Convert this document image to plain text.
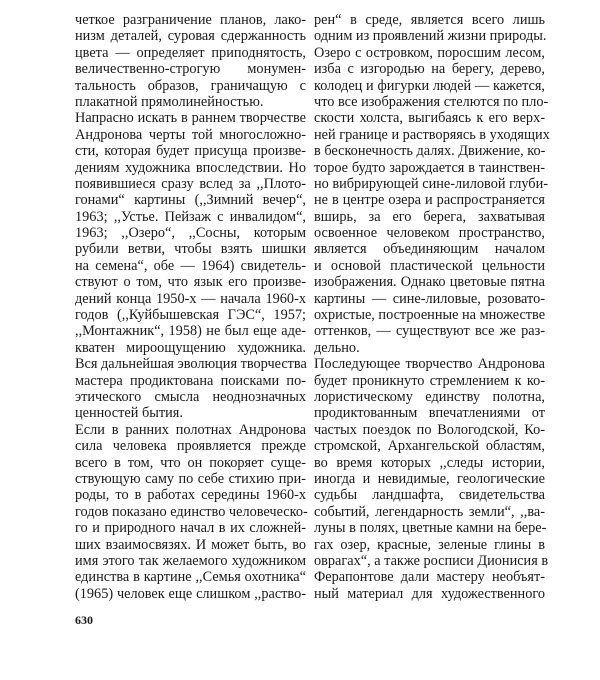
четкое разграничение планов, лако-
низм деталей, суровая сдержанность
цвета — определяет приподнятость,
величественно-строгую монумен-
тальность образов, граничащую с
плакатной прямолинейностью.
Напрасно искать в раннем творчестве
Андронова черты той многосложно-
сти, которая будет присуща произве-
дениям художника впоследствии. Но
появившиеся сразу вслед за ,,Плото-
гонами“ картины (,,Зимний вечер“,
1963; ,,Устье. Пейзаж с инвалидом“,
1963; ,,Озеро“, ,,Сосны, которым
рубили ветви, чтобы взять шишки
на семена“, обе — 1964) свидетель-
ствуют о том, что язык его произве-
дений конца 1950-х — начала 1960-х
годов (,,Куйбышевская ГЭС“, 1957;
,,Монтажник“, 1958) не был еще аде-
кватен мироощущению художника.
Вся дальнейшая эволюция творчества
мастера продиктована поисками по-
этического смысла неоднозначных
ценностей бытия.
Если в ранних полотнах Андронова
сила человека проявляется прежде
всего в том, что он покоряет суще-
ствующую саму по себе стихию при-
роды, то в работах середины 1960-х
годов показано единство человеческо-
го и природного начал в их сложней-
ших взаимосвязях. И может быть, во
имя этого так желаемого художником
единства в картине ,,Семья охотника“
(1965) человек еще слишком ,,раство-
рен“ в среде, является всего лишь
одним из проявлений жизни природы.
Озеро с островком, поросшим лесом,
изба с изгородью на берегу, дерево,
колодец и фигурки людей — кажется,
что все изображения стелются по пло-
скости холста, выгибаясь к его верх-
ней границе и растворяясь в уходящих
в бесконечность далях. Движение, ко-
торое будто зарождается в таинствен-
но вибрирующей сине-лиловой глуби-
не в центре озера и распространяется
вширь, за его берега, захватывая
освоенное человеком пространство,
является объединяющим началом
и основой пластической цельности
изображения. Однако цветовые пятна
картины — сине-лиловые, розовато-
охристые, построенные на множестве
оттенков, — существуют все же раз-
дельно.
Последующее творчество Андронова
будет проникнуто стремлением к ко-
лористическому единству полотна,
продиктованным впечатлениями от
частых поездок по Вологодской, Ко-
стромской, Архангельской областям,
во время которых ,,следы истории,
иногда и невидимые, геологические
судьбы ландшафта, свидетельства
событий, легендарность земли“, ,,ва-
луны в полях, цветные камни на бере-
гах озер, красные, зеленые глины в
оврагах“, а также росписи Дионисия в
Ферапонтове дали мастеру необъят-
ный материал для художественного
630
